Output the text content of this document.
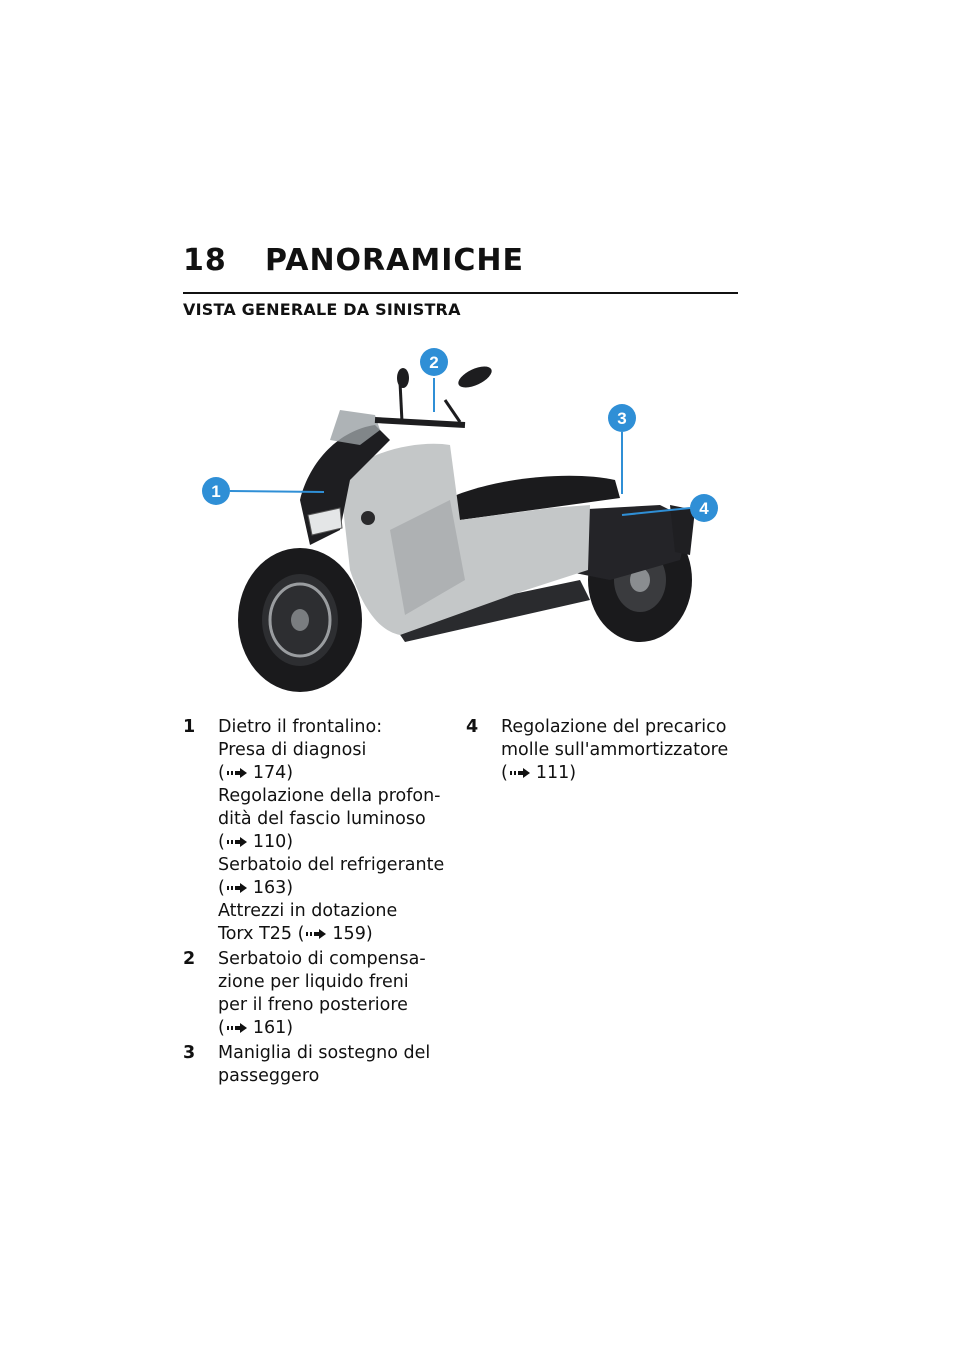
18	PANORAMICHE
VISTA GENERALE DA SINISTRA
1
2
3
4
1	Dietro il frontalino:
Presa di diagnosi
( 174)
Regolazione della profon-
dità del fascio luminoso
( 110)
Serbatoio del refrigerante
( 163)
Attrezzi in dotazione
Torx T25 ( 159)
2	Serbatoio di compensa-
zione per liquido freni
per il freno posteriore
( 161)
3	Maniglia di sostegno del
passeggero
4	Regolazione del precarico
molle sull'ammortizzatore
( 111)
